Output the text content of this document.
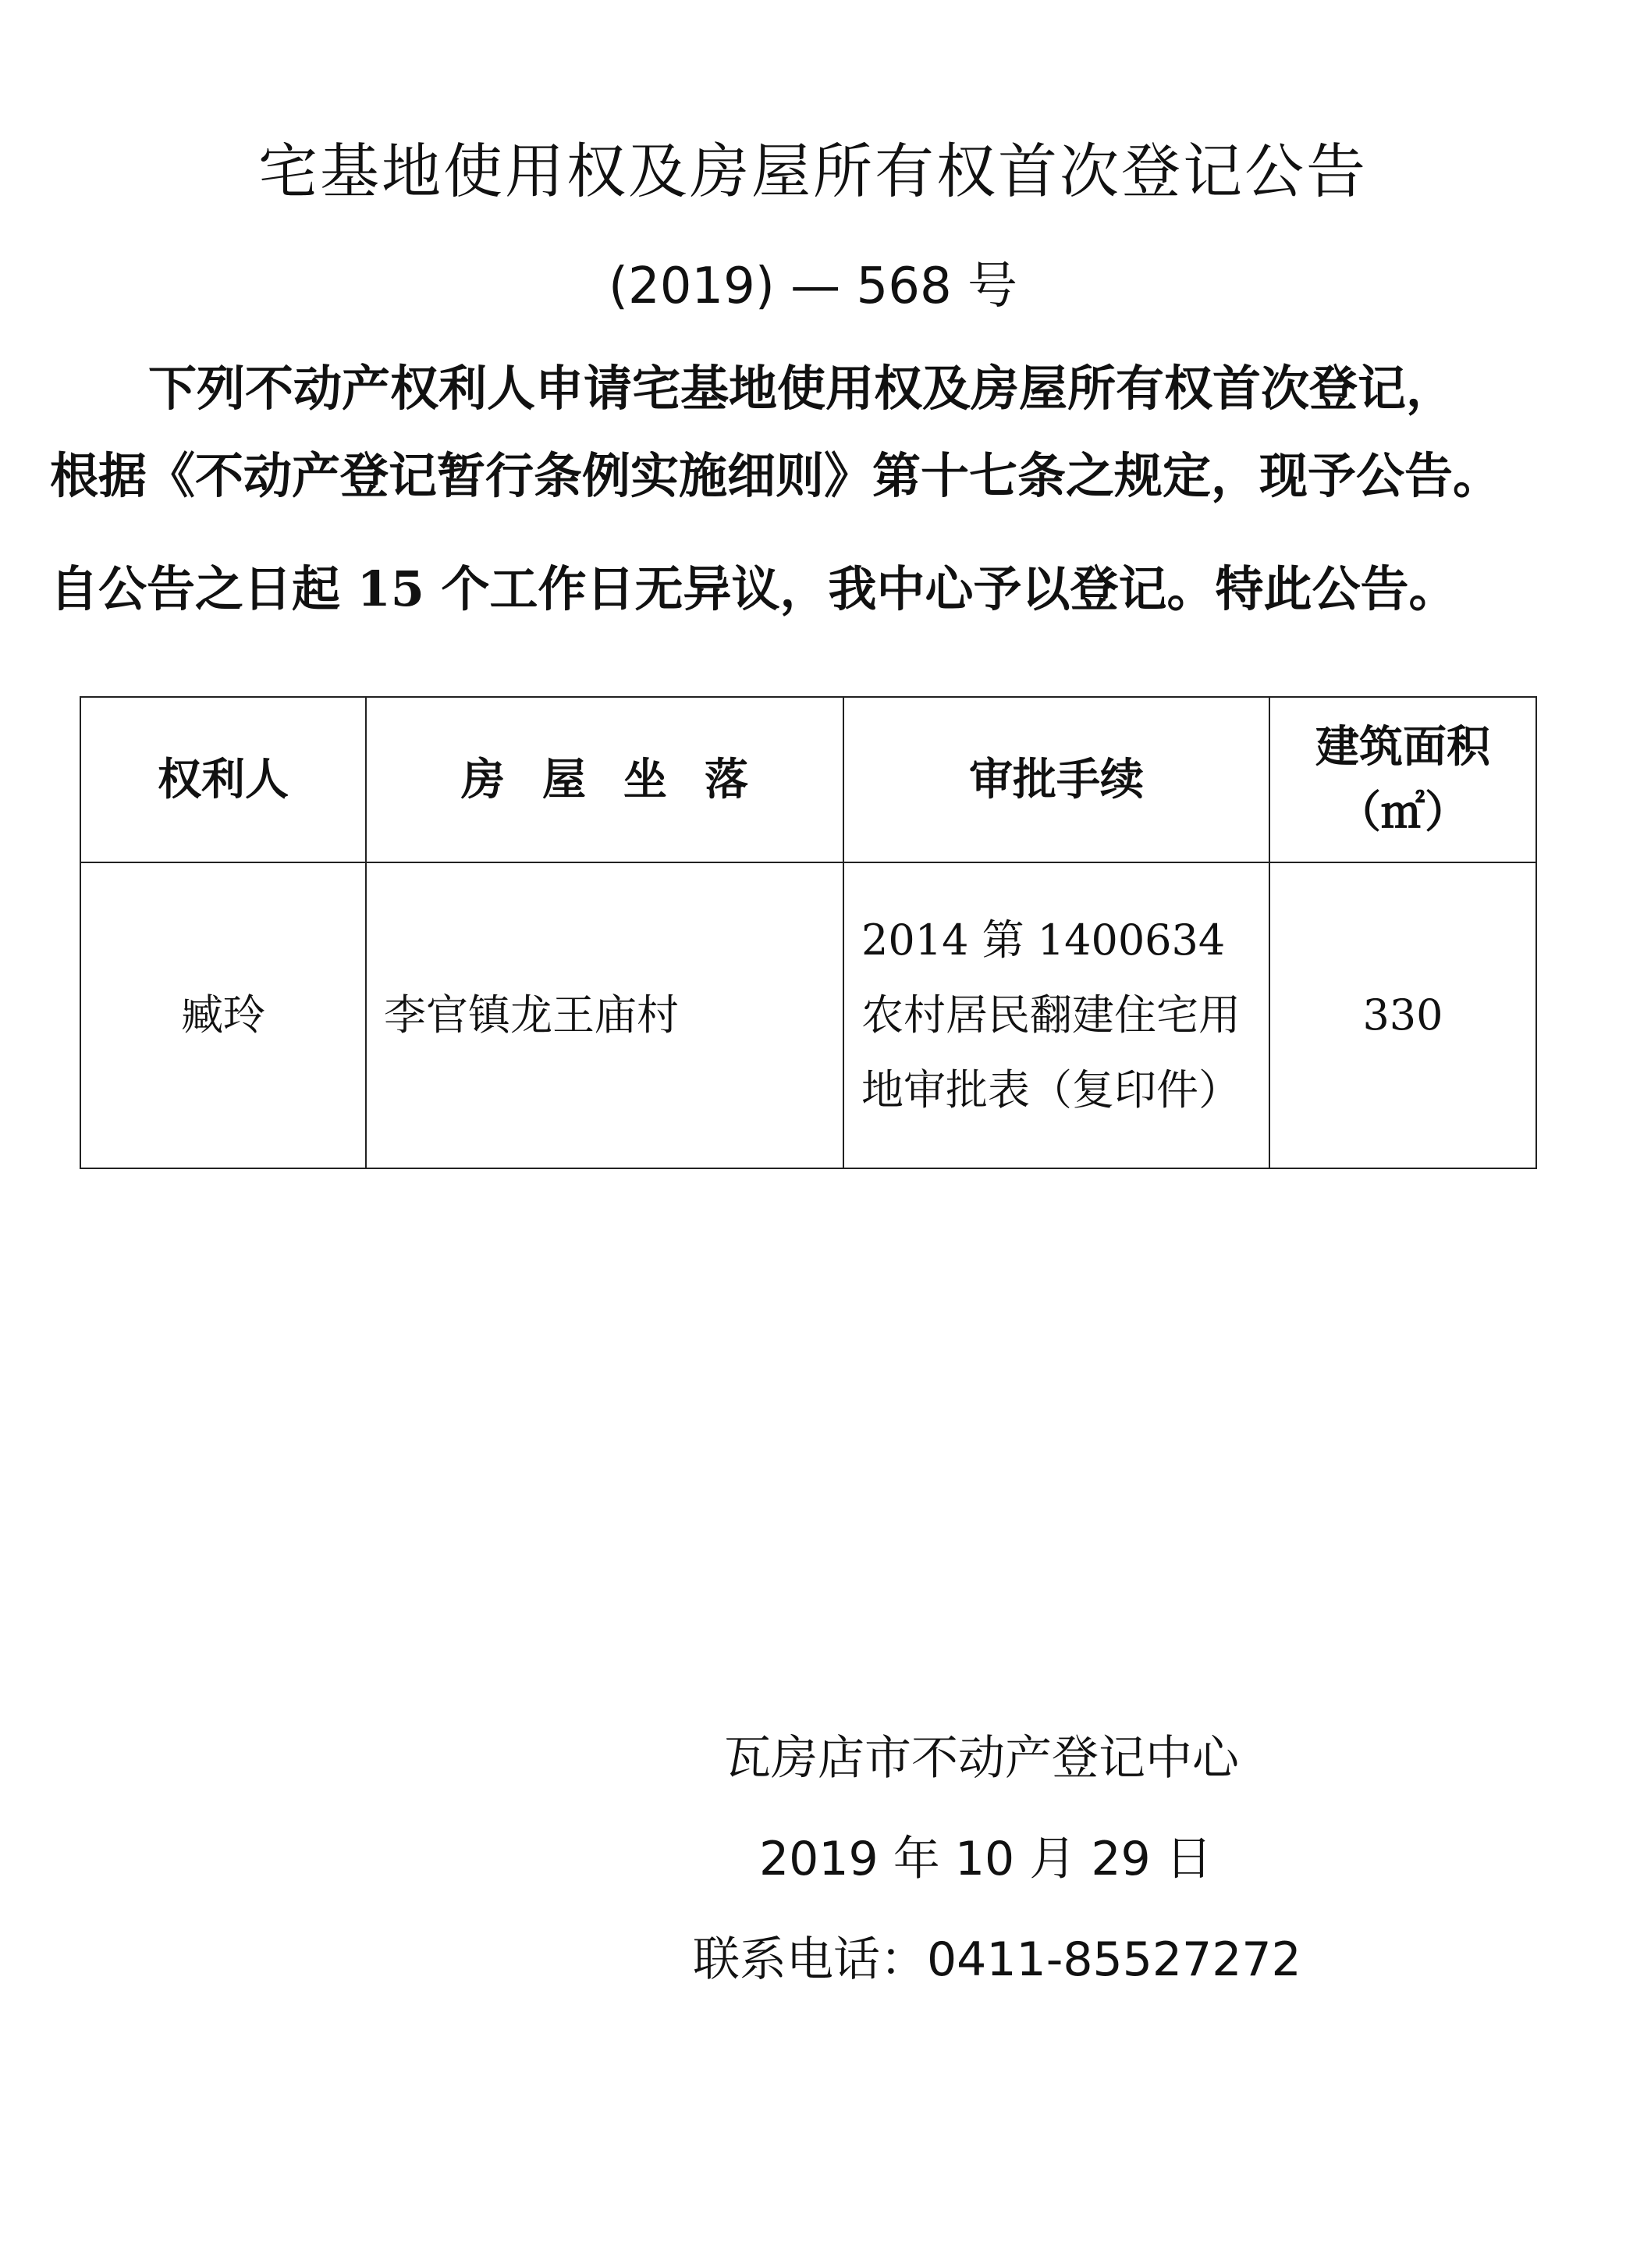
宅基地使用权及房屋所有权首次登记公告
(2019) — 568 号
下列不动产权利人申请宅基地使用权及房屋所有权首次登记，
根据《不动产登记暂行条例实施细则》第十七条之规定，现予公告。
自公告之日起 15 个工作日无异议，我中心予以登记。特此公告。
权利人	房屋坐落	审批手续	建筑面积
（㎡）

臧玲	李官镇龙王庙村	2014 第 1400634 农村居民翻建住宅用地审批表（复印件）	330
瓦房店市不动产登记中心
2019 年 10 月 29 日
联系电话：0411-85527272
